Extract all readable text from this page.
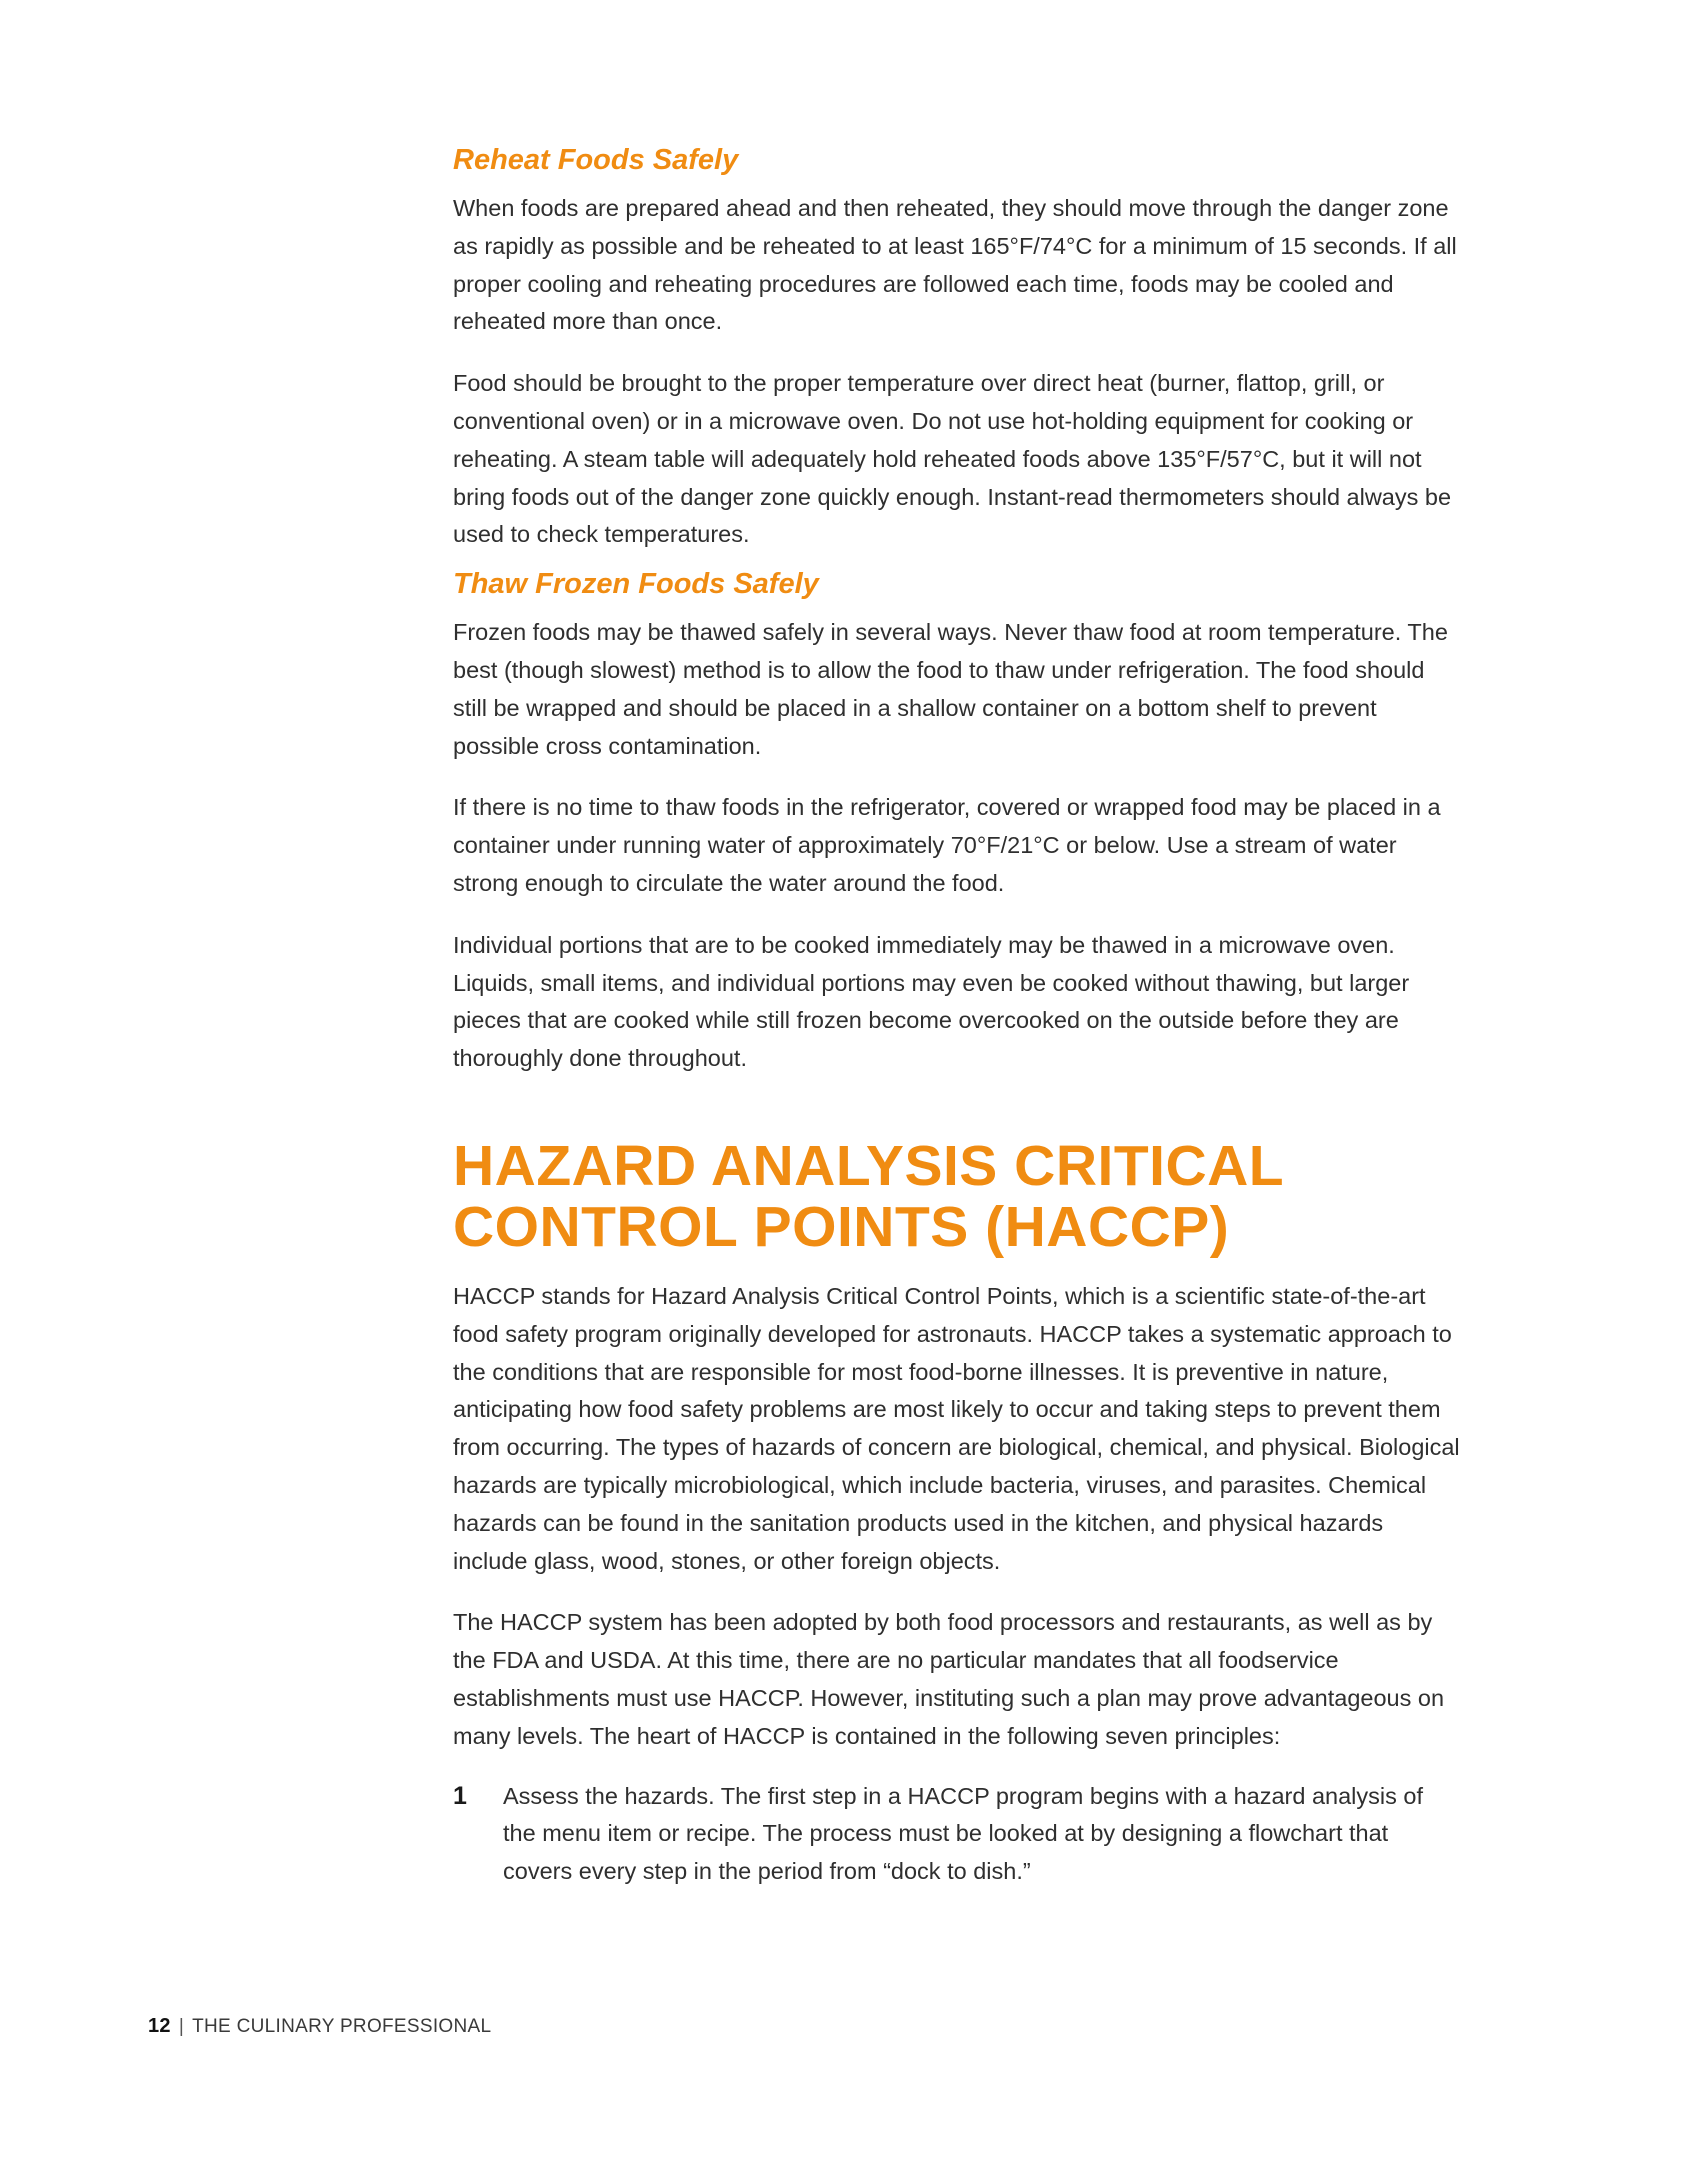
Reheat Foods Safely

When foods are prepared ahead and then reheated, they should move through the danger zone as rapidly as possible and be reheated to at least 165°F/74°C for a minimum of 15 seconds. If all proper cooling and reheating procedures are followed each time, foods may be cooled and reheated more than once.

Food should be brought to the proper temperature over direct heat (burner, flattop, grill, or conventional oven) or in a microwave oven. Do not use hot-holding equipment for cooking or reheating. A steam table will adequately hold reheated foods above 135°F/57°C, but it will not bring foods out of the danger zone quickly enough. Instant-read thermometers should always be used to check temperatures.

Thaw Frozen Foods Safely

Frozen foods may be thawed safely in several ways. Never thaw food at room temperature. The best (though slowest) method is to allow the food to thaw under refrigeration. The food should still be wrapped and should be placed in a shallow container on a bottom shelf to prevent possible cross contamination.

If there is no time to thaw foods in the refrigerator, covered or wrapped food may be placed in a container under running water of approximately 70°F/21°C or below. Use a stream of water strong enough to circulate the water around the food.

Individual portions that are to be cooked immediately may be thawed in a microwave oven. Liquids, small items, and individual portions may even be cooked without thawing, but larger pieces that are cooked while still frozen become overcooked on the outside before they are thoroughly done throughout.

HAZARD ANALYSIS CRITICAL
CONTROL POINTS (HACCP)

HACCP stands for Hazard Analysis Critical Control Points, which is a scientific state-of-the-art food safety program originally developed for astronauts. HACCP takes a systematic approach to the conditions that are responsible for most food-borne illnesses. It is preventive in nature, anticipating how food safety problems are most likely to occur and taking steps to prevent them from occurring. The types of hazards of concern are biological, chemical, and physical. Biological hazards are typically microbiological, which include bacteria, viruses, and parasites. Chemical hazards can be found in the sanitation products used in the kitchen, and physical hazards include glass, wood, stones, or other foreign objects.

The HACCP system has been adopted by both food processors and restaurants, as well as by the FDA and USDA. At this time, there are no particular mandates that all foodservice establishments must use HACCP. However, instituting such a plan may prove advantageous on many levels. The heart of HACCP is contained in the following seven principles:

1 Assess the hazards. The first step in a HACCP program begins with a hazard analysis of the menu item or recipe. The process must be looked at by designing a flowchart that covers every step in the period from “dock to dish.”
12 | THE CULINARY PROFESSIONAL
